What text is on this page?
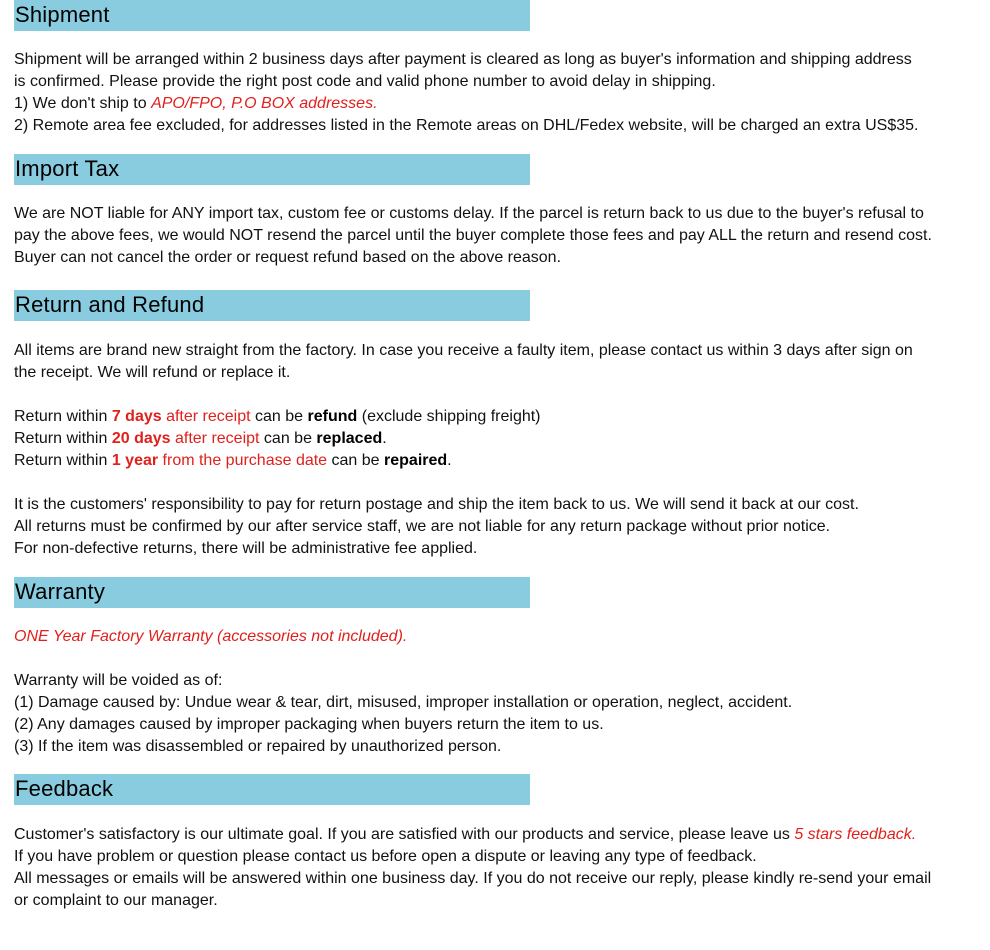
Shipment
Shipment will be arranged within 2 business days after payment is cleared as long as buyer's information and shipping address
is confirmed. Please provide the right post code and valid phone number to avoid delay in shipping.
1) We don't ship to APO/FPO, P.O BOX addresses.
2) Remote area fee excluded, for addresses listed in the Remote areas on DHL/Fedex website, will be charged an extra US$35.
Import Tax
We are NOT liable for ANY import tax, custom fee or customs delay. If the parcel is return back to us due to the buyer's refusal to
pay the above fees, we would NOT resend the parcel until the buyer complete those fees and pay ALL the return and resend cost.
Buyer can not cancel the order or request refund based on the above reason.
Return and Refund
All items are brand new straight from the factory. In case you receive a faulty item, please contact us within 3 days after sign on
the receipt. We will refund or replace it.
Return within 7 days after receipt can be refund (exclude shipping freight)
Return within 20 days after receipt can be replaced.
Return within 1 year from the purchase date can be repaired.
It is the customers' responsibility to pay for return postage and ship the item back to us. We will send it back at our cost.
All returns must be confirmed by our after service staff, we are not liable for any return package without prior notice.
For non-defective returns, there will be administrative fee applied.
Warranty
ONE Year Factory Warranty (accessories not included).
Warranty will be voided as of:
(1) Damage caused by: Undue wear & tear, dirt, misused, improper installation or operation, neglect, accident.
(2) Any damages caused by improper packaging when buyers return the item to us.
(3) If the item was disassembled or repaired by unauthorized person.
Feedback
Customer's satisfactory is our ultimate goal. If you are satisfied with our products and service, please leave us 5 stars feedback.
If you have problem or question please contact us before open a dispute or leaving any type of feedback.
All messages or emails will be answered within one business day. If you do not receive our reply, please kindly re-send your email
or complaint to our manager.
